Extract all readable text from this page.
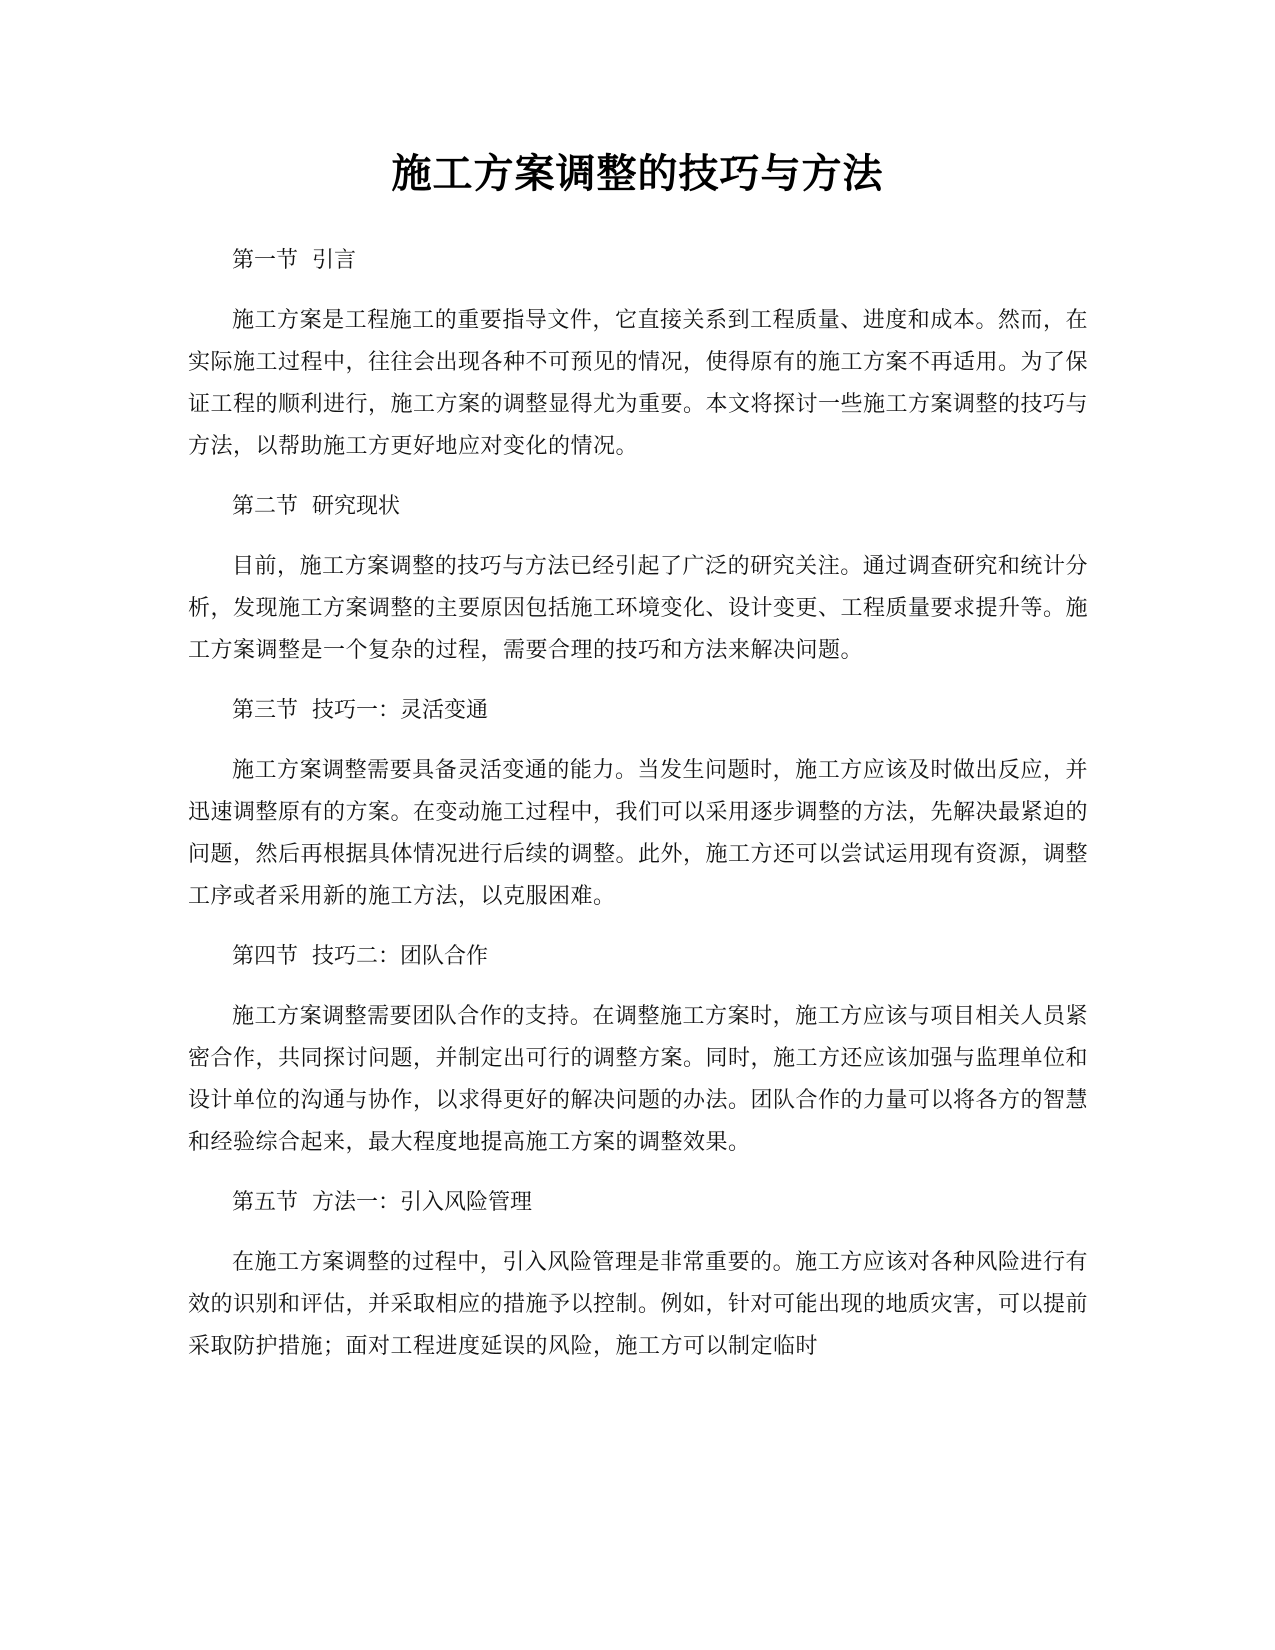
施工方案调整的技巧与方法

第一节  引言

施工方案是工程施工的重要指导文件，它直接关系到工程质量、进度和成本。然而，在实际施工过程中，往往会出现各种不可预见的情况，使得原有的施工方案不再适用。为了保证工程的顺利进行，施工方案的调整显得尤为重要。本文将探讨一些施工方案调整的技巧与方法，以帮助施工方更好地应对变化的情况。

第二节  研究现状

目前，施工方案调整的技巧与方法已经引起了广泛的研究关注。通过调查研究和统计分析，发现施工方案调整的主要原因包括施工环境变化、设计变更、工程质量要求提升等。施工方案调整是一个复杂的过程，需要合理的技巧和方法来解决问题。

第三节  技巧一：灵活变通

施工方案调整需要具备灵活变通的能力。当发生问题时，施工方应该及时做出反应，并迅速调整原有的方案。在变动施工过程中，我们可以采用逐步调整的方法，先解决最紧迫的问题，然后再根据具体情况进行后续的调整。此外，施工方还可以尝试运用现有资源，调整工序或者采用新的施工方法，以克服困难。

第四节  技巧二：团队合作

施工方案调整需要团队合作的支持。在调整施工方案时，施工方应该与项目相关人员紧密合作，共同探讨问题，并制定出可行的调整方案。同时，施工方还应该加强与监理单位和设计单位的沟通与协作，以求得更好的解决问题的办法。团队合作的力量可以将各方的智慧和经验综合起来，最大程度地提高施工方案的调整效果。

第五节  方法一：引入风险管理

在施工方案调整的过程中，引入风险管理是非常重要的。施工方应该对各种风险进行有效的识别和评估，并采取相应的措施予以控制。例如，针对可能出现的地质灾害，可以提前采取防护措施；面对工程进度延误的风险，施工方可以制定临时
